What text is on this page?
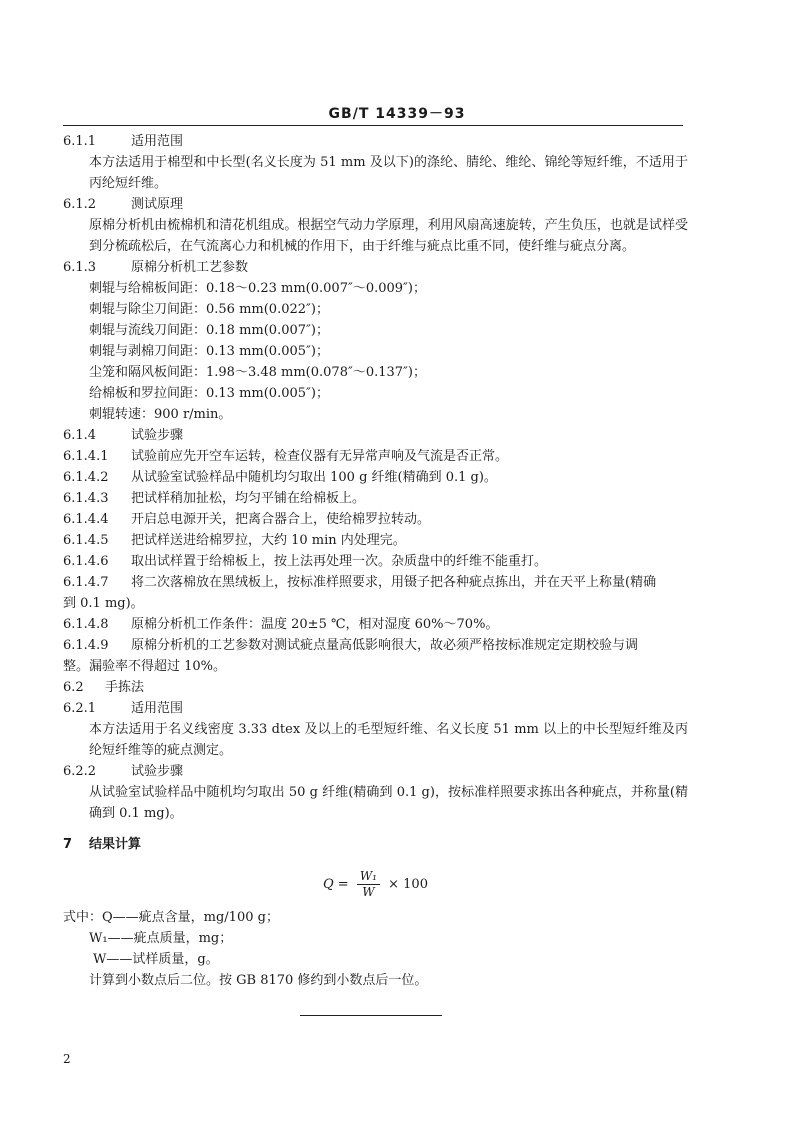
GB/T 14339－93
6.1.1	适用范围
本方法适用于棉型和中长型(名义长度为 51 mm 及以下)的涤纶、腈纶、维纶、锦纶等短纤维，不适用于丙纶短纤维。
6.1.2	测试原理
原棉分析机由梳棉机和清花机组成。根据空气动力学原理，利用风扇高速旋转，产生负压，也就是试样受到分梳疏松后，在气流离心力和机械的作用下，由于纤维与疵点比重不同，使纤维与疵点分离。
6.1.3	原棉分析机工艺参数
刺辊与给棉板间距：0.18～0.23 mm(0.007″～0.009″)；
刺辊与除尘刀间距：0.56 mm(0.022″)；
刺辊与流线刀间距：0.18 mm(0.007″)；
刺辊与剥棉刀间距：0.13 mm(0.005″)；
尘笼和隔风板间距：1.98～3.48 mm(0.078″～0.137″)；
给棉板和罗拉间距：0.13 mm(0.005″)；
刺辊转速：900 r/min。
6.1.4	试验步骤
6.1.4.1 试验前应先开空车运转，检查仪器有无异常声响及气流是否正常。
6.1.4.2 从试验室试验样品中随机均匀取出 100 g 纤维(精确到 0.1 g)。
6.1.4.3 把试样稍加扯松，均匀平铺在给棉板上。
6.1.4.4 开启总电源开关，把离合器合上，使给棉罗拉转动。
6.1.4.5 把试样送进给棉罗拉，大约 10 min 内处理完。
6.1.4.6 取出试样置于给棉板上，按上法再处理一次。杂质盘中的纤维不能重打。
6.1.4.7 将二次落棉放在黑绒板上，按标准样照要求，用镊子把各种疵点拣出，并在天平上称量(精确
到 0.1 mg)。
6.1.4.8 原棉分析机工作条件：温度 20±5 ℃，相对湿度 60%～70%。
6.1.4.9 原棉分析机的工艺参数对测试疵点量高低影响很大，故必须严格按标准规定定期校验与调
整。漏验率不得超过 10%。
6.2 手拣法
6.2.1	适用范围
本方法适用于名义线密度 3.33 dtex 及以上的毛型短纤维、名义长度 51 mm 以上的中长型短纤维及丙纶短纤维等的疵点测定。
6.2.2	试验步骤
从试验室试验样品中随机均匀取出 50 g 纤维(精确到 0.1 g)，按标准样照要求拣出各种疵点，并称量(精确到 0.1 mg)。
7 结果计算
$Q = \frac{\text{W₁}}{W} \times 100$
式中：Q——疵点含量，mg/100 g；
W₁——疵点质量，mg；
W——试样质量，g。
计算到小数点后二位。按 GB 8170 修约到小数点后一位。
2
